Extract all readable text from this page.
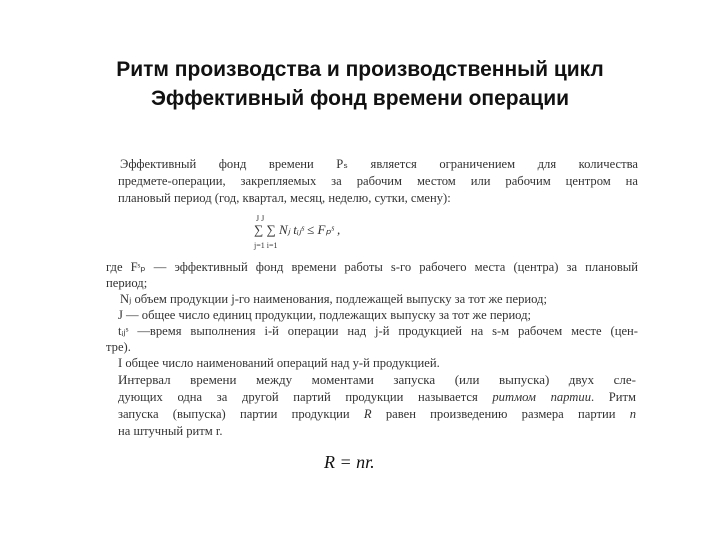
Ритм производства и производственный цикл
Эффективный фонд времени операции
Эффективный фонд времени Pₛ является ограничением для количества
предмете-операции, закрепляемых за рабочим местом или рабочим центром на
плановый период (год, квартал, месяц, неделю, сутки, смену):
J J
∑ ∑ Nⱼ tᵢⱼˢ ≤ Fₚˢ ,
j=1 i=1
где Fˢₚ — эффективный фонд времени работы s-го рабочего места (центра) за плановый
период;
Nⱼ объем продукции j-го наименования, подлежащей выпуску за тот же период;
J — общее число единиц продукции, подлежащих выпуску за тот же период;
tᵢⱼˢ —время выполнения i-й операции над j-й продукцией на s-м рабочем месте (цен-
тре).
I общее число наименований операций над у-й продукцией.
Интервал времени между моментами запуска (или выпуска) двух сле-
дующих одна за другой партий продукции называется ритмом партии. Ритм
запуска (выпуска) партии продукции R равен произведению размера партии n
на штучный ритм r.
R = nr.
